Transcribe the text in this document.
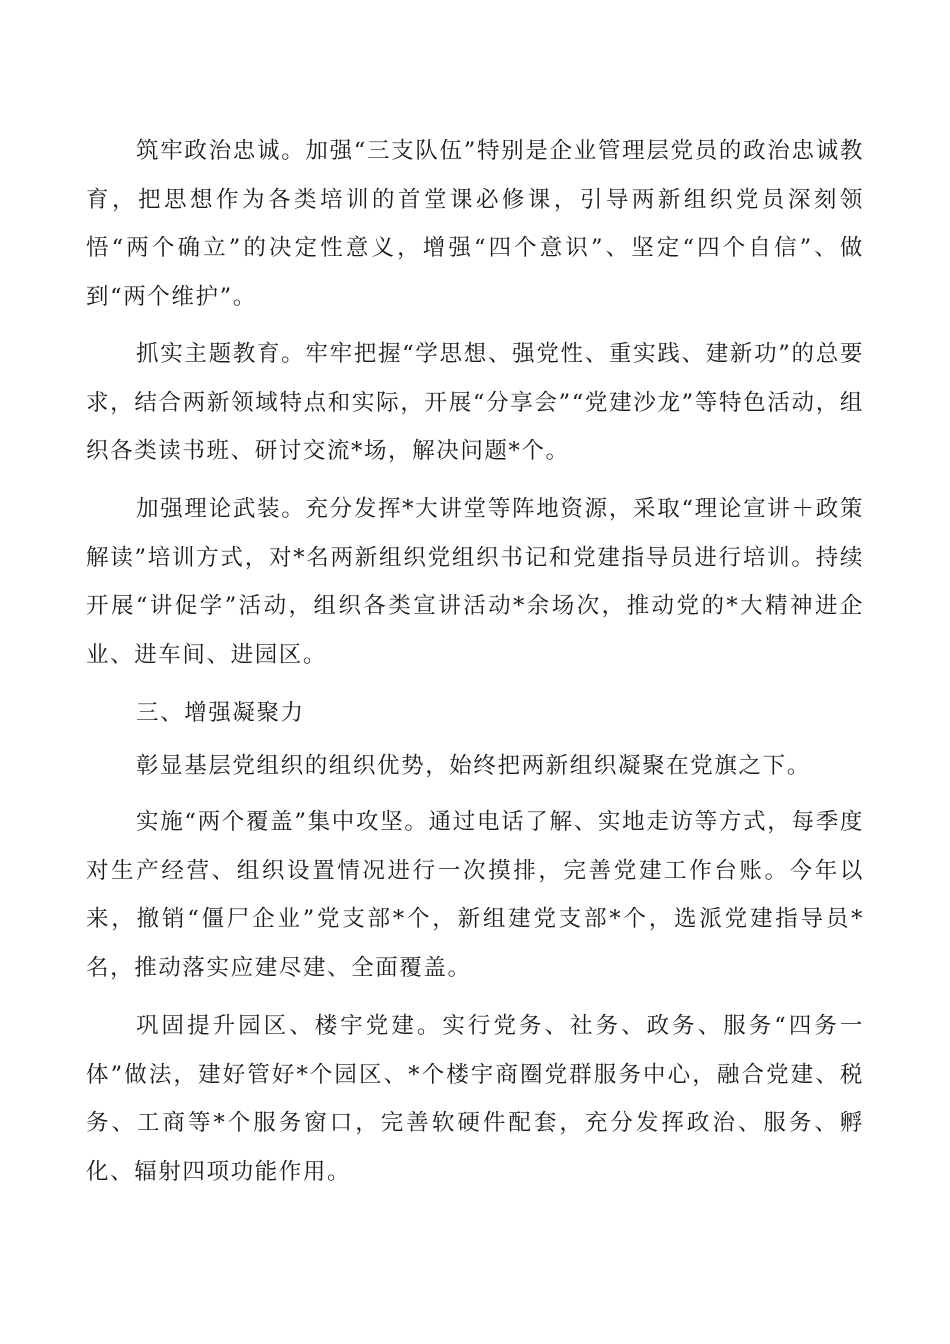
筑牢政治忠诚。加强“三支队伍”特别是企业管理层党员的政治忠诚教育，把思想作为各类培训的首堂课必修课，引导两新组织党员深刻领悟“两个确立”的决定性意义，增强“四个意识”、坚定“四个自信”、做到“两个维护”。

抓实主题教育。牢牢把握“学思想、强党性、重实践、建新功”的总要求，结合两新领域特点和实际，开展“分享会”“党建沙龙”等特色活动，组织各类读书班、研讨交流*场，解决问题*个。

加强理论武装。充分发挥*大讲堂等阵地资源，采取“理论宣讲＋政策解读”培训方式，对*名两新组织党组织书记和党建指导员进行培训。持续开展“讲促学”活动，组织各类宣讲活动*余场次，推动党的*大精神进企业、进车间、进园区。

三、增强凝聚力

彰显基层党组织的组织优势，始终把两新组织凝聚在党旗之下。

实施“两个覆盖”集中攻坚。通过电话了解、实地走访等方式，每季度对生产经营、组织设置情况进行一次摸排，完善党建工作台账。今年以来，撤销“僵尸企业”党支部*个，新组建党支部*个，选派党建指导员*名，推动落实应建尽建、全面覆盖。

巩固提升园区、楼宇党建。实行党务、社务、政务、服务“四务一体”做法，建好管好*个园区、*个楼宇商圈党群服务中心，融合党建、税务、工商等*个服务窗口，完善软硬件配套，充分发挥政治、服务、孵化、辐射四项功能作用。
